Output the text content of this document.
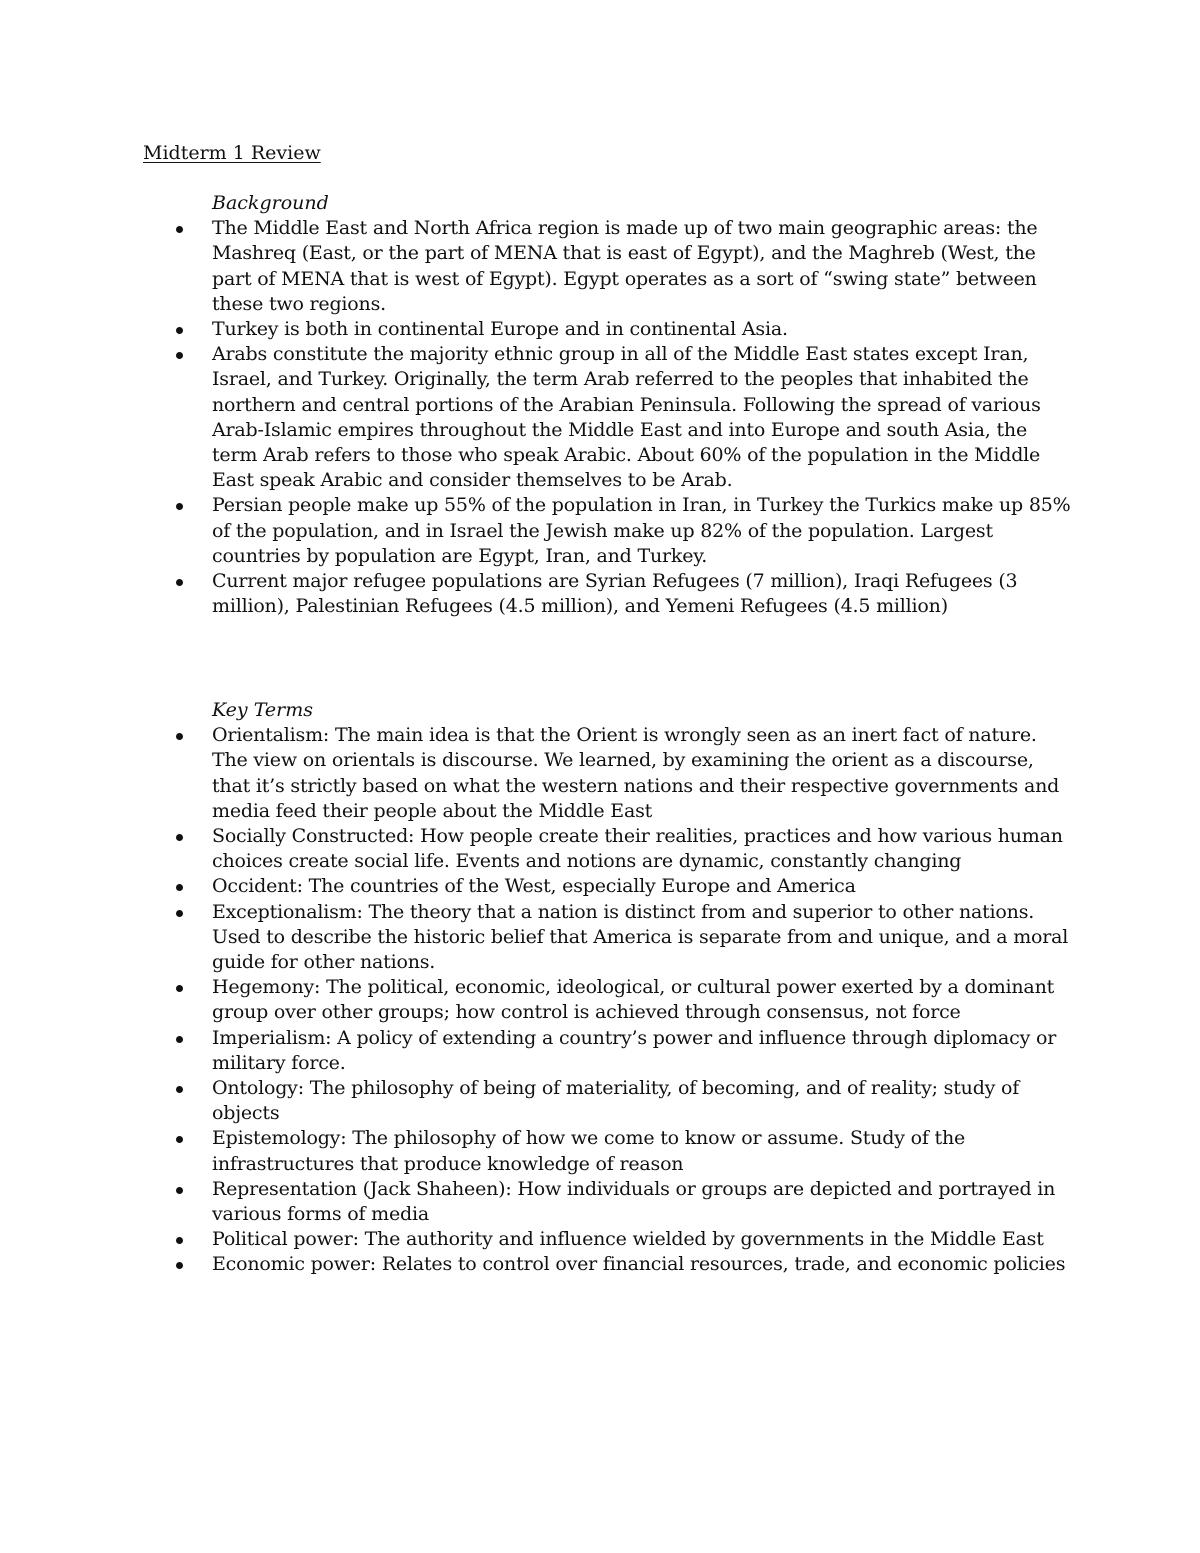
Midterm 1 Review
Background
The Middle East and North Africa region is made up of two main geographic areas: the Mashreq (East, or the part of MENA that is east of Egypt), and the Maghreb (West, the part of MENA that is west of Egypt). Egypt operates as a sort of “swing state” between these two regions.
Turkey is both in continental Europe and in continental Asia.
Arabs constitute the majority ethnic group in all of the Middle East states except Iran, Israel, and Turkey. Originally, the term Arab referred to the peoples that inhabited the northern and central portions of the Arabian Peninsula. Following the spread of various Arab-Islamic empires throughout the Middle East and into Europe and south Asia, the term Arab refers to those who speak Arabic. About 60% of the population in the Middle East speak Arabic and consider themselves to be Arab.
Persian people make up 55% of the population in Iran, in Turkey the Turkics make up 85% of the population, and in Israel the Jewish make up 82% of the population. Largest countries by population are Egypt, Iran, and Turkey.
Current major refugee populations are Syrian Refugees (7 million), Iraqi Refugees (3 million), Palestinian Refugees (4.5 million), and Yemeni Refugees (4.5 million)
Key Terms
Orientalism: The main idea is that the Orient is wrongly seen as an inert fact of nature. The view on orientals is discourse. We learned, by examining the orient as a discourse, that it’s strictly based on what the western nations and their respective governments and media feed their people about the Middle East
Socially Constructed: How people create their realities, practices and how various human choices create social life. Events and notions are dynamic, constantly changing
Occident: The countries of the West, especially Europe and America
Exceptionalism: The theory that a nation is distinct from and superior to other nations. Used to describe the historic belief that America is separate from and unique, and a moral guide for other nations.
Hegemony: The political, economic, ideological, or cultural power exerted by a dominant group over other groups; how control is achieved through consensus, not force
Imperialism: A policy of extending a country’s power and influence through diplomacy or military force.
Ontology: The philosophy of being of materiality, of becoming, and of reality; study of objects
Epistemology: The philosophy of how we come to know or assume. Study of the infrastructures that produce knowledge of reason
Representation (Jack Shaheen): How individuals or groups are depicted and portrayed in various forms of media
Political power: The authority and influence wielded by governments in the Middle East
Economic power: Relates to control over financial resources, trade, and economic policies
